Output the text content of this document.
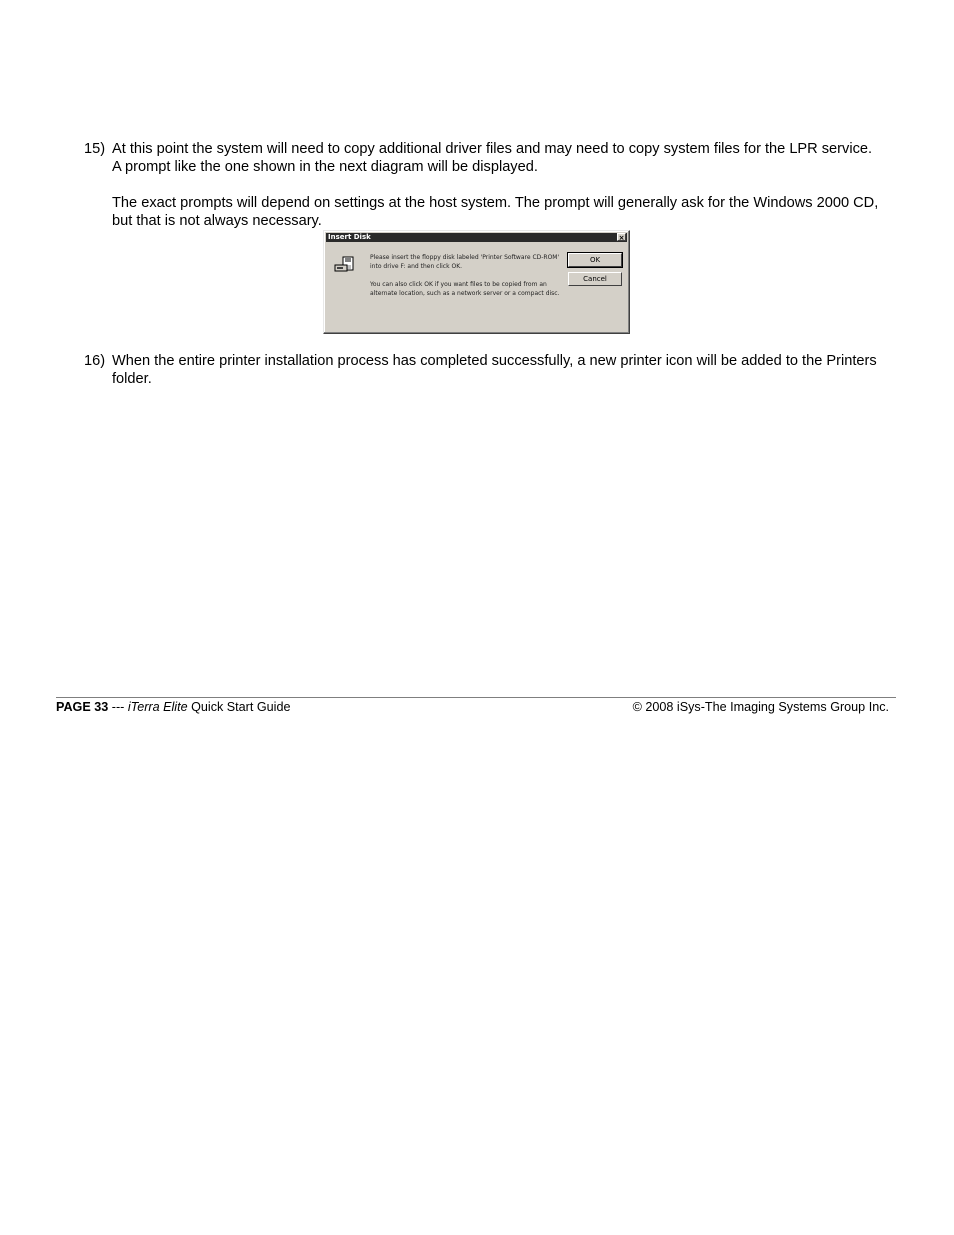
15) At this point the system will need to copy additional driver files and may need to copy system files for the LPR service. A prompt like the one shown in the next diagram will be displayed.

The exact prompts will depend on settings at the host system. The prompt will generally ask for the Windows 2000 CD, but that is not always necessary.

Insert Disk	×

Please insert the floppy disk labeled 'Printer Software CD-ROM' into drive F: and then click OK.

You can also click OK if you want files to be copied from an alternate location, such as a network server or a compact disc.

OK
Cancel
16) When the entire printer installation process has completed successfully, a new printer icon will be added to the Printers folder.

PAGE 33 --- iTerra Elite Quick Start Guide	© 2008 iSys-The Imaging Systems Group Inc.
